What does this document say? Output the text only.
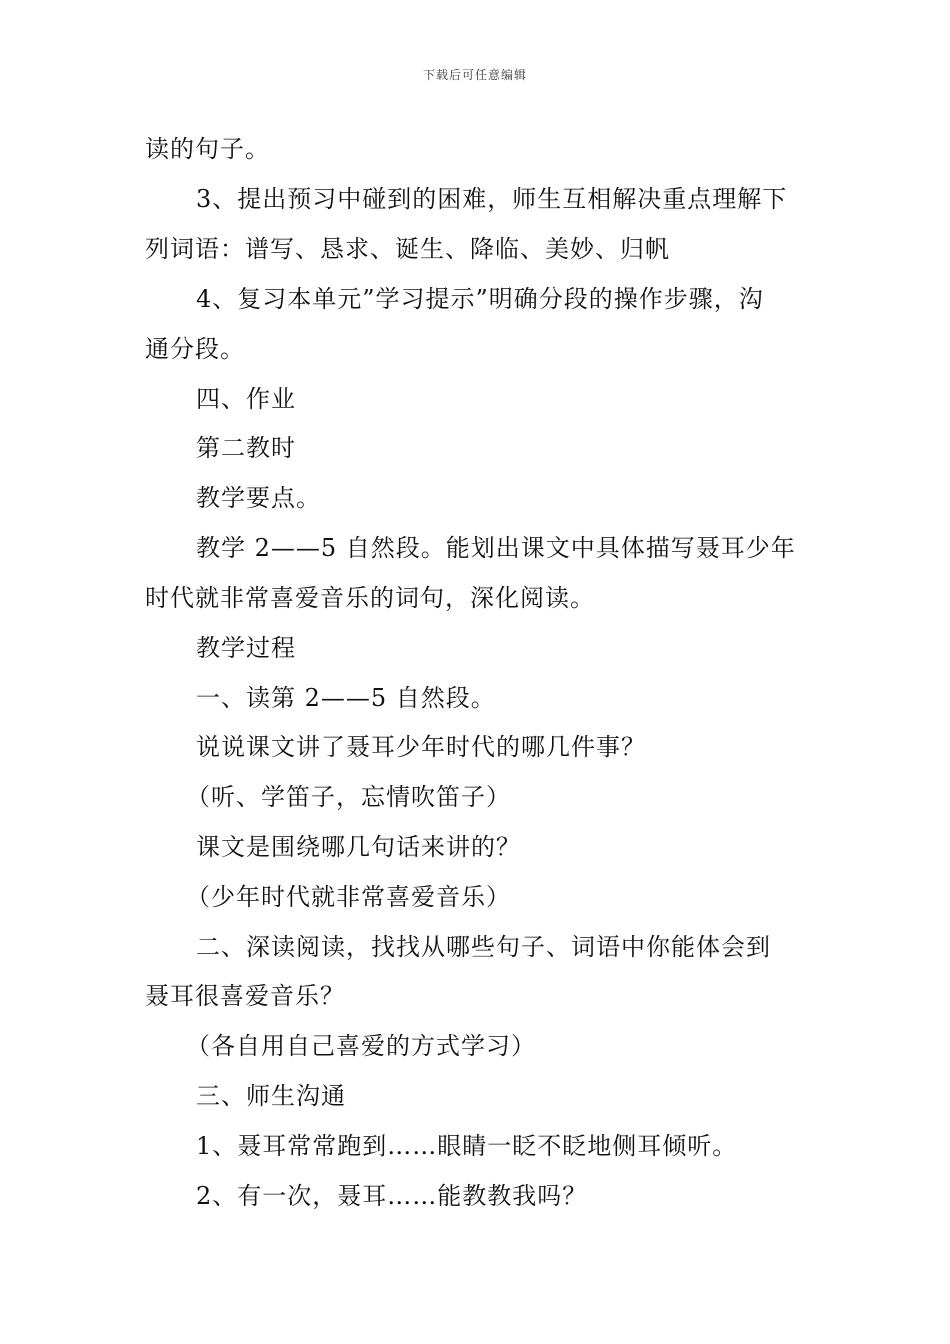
下载后可任意编辑
读的句子。
3、提出预习中碰到的困难，师生互相解决重点理解下
列词语：谱写、恳求、诞生、降临、美妙、归帆
4、复习本单元”学习提示”明确分段的操作步骤，沟
通分段。
四、作业
第二教时
教学要点。
教学 2——5 自然段。能划出课文中具体描写聂耳少年
时代就非常喜爱音乐的词句，深化阅读。
教学过程
一、读第 2——5 自然段。
说说课文讲了聂耳少年时代的哪几件事？
（听、学笛子，忘情吹笛子）
课文是围绕哪几句话来讲的？
（少年时代就非常喜爱音乐）
二、深读阅读，找找从哪些句子、词语中你能体会到
聂耳很喜爱音乐？
（各自用自己喜爱的方式学习）
三、师生沟通
1、聂耳常常跑到……眼睛一眨不眨地侧耳倾听。
2、有一次，聂耳……能教教我吗？
